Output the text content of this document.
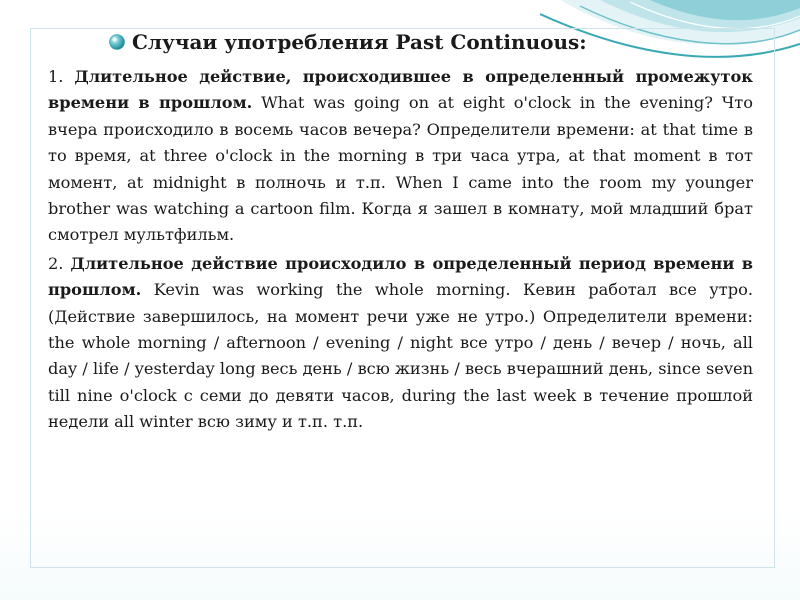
Случаи употребления Past Continuous:

1. Длительное действие, происходившее в определенный промежуток времени в прошлом. What was going on at eight o'clock in the evening? Что вчера происходило в восемь часов вечера? Определители времени: at that time в то время, at three o'clock in the morning в три часа утра, at that moment в тот момент, at midnight в полночь и т.п. When I came into the room my younger brother was watching a cartoon film. Когда я зашел в комнату, мой младший брат смотрел мультфильм.

2. Длительное действие происходило в определенный период времени в прошлом. Kevin was working the whole morning. Кевин работал все утро. (Действие завершилось, на момент речи уже не утро.) Определители времени: the whole morning / afternoon / evening / night все утро / день / вечер / ночь, all day / life / yesterday long весь день / всю жизнь / весь вчерашний день, since seven till nine o'clock с семи до девяти часов, during the last week в течение прошлой недели all winter всю зиму и т.п. т.п.
